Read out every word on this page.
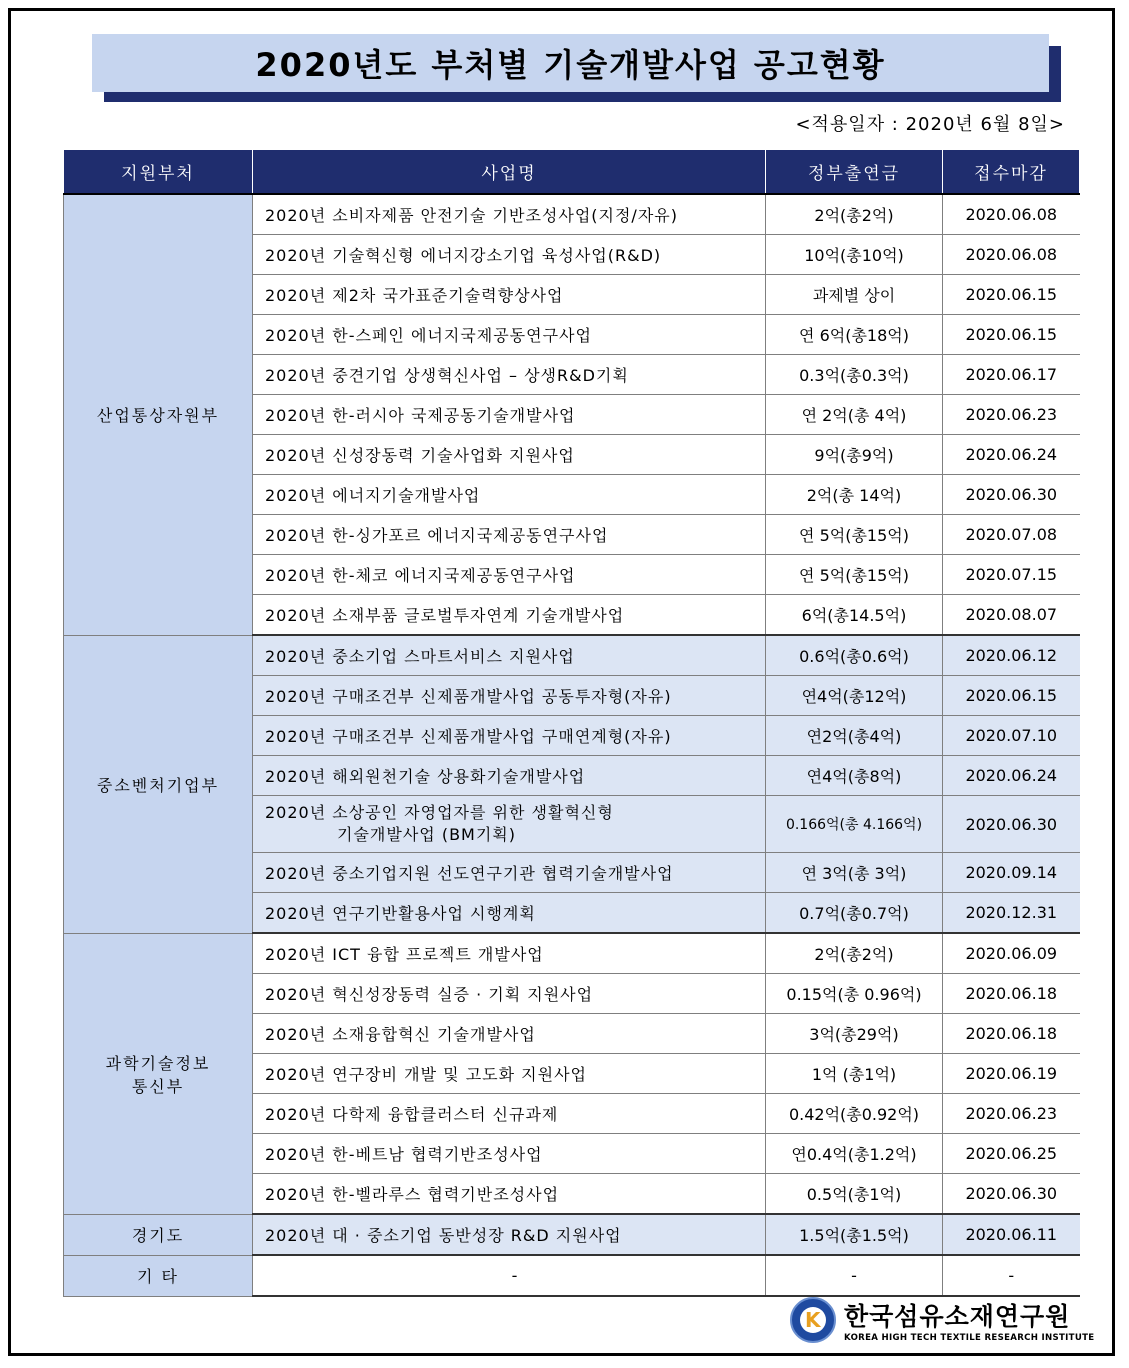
2020년도 부처별 기술개발사업 공고현황
<적용일자 : 2020년 6월 8일>
지원부처	사업명	정부출연금	접수마감

산업통상자원부	2020년 소비자제품 안전기술 기반조성사업(지정/자유)	2억(총2억)	2020.06.08
	2020년 기술혁신형 에너지강소기업 육성사업(R&D)	10억(총10억)	2020.06.08
	2020년 제2차 국가표준기술력향상사업	과제별 상이	2020.06.15
	2020년 한-스페인 에너지국제공동연구사업	연 6억(총18억)	2020.06.15
	2020년 중견기업 상생혁신사업 – 상생R&D기획	0.3억(총0.3억)	2020.06.17
	2020년 한-러시아 국제공동기술개발사업	연 2억(총 4억)	2020.06.23
	2020년 신성장동력 기술사업화 지원사업	9억(총9억)	2020.06.24
	2020년 에너지기술개발사업	2억(총 14억)	2020.06.30
	2020년 한-싱가포르 에너지국제공동연구사업	연 5억(총15억)	2020.07.08
	2020년 한-체코 에너지국제공동연구사업	연 5억(총15억)	2020.07.15
	2020년 소재부품 글로벌투자연계 기술개발사업	6억(총14.5억)	2020.08.07

중소벤처기업부	2020년 중소기업 스마트서비스 지원사업	0.6억(총0.6억)	2020.06.12
	2020년 구매조건부 신제품개발사업 공동투자형(자유)	연4억(총12억)	2020.06.15
	2020년 구매조건부 신제품개발사업 구매연계형(자유)	연2억(총4억)	2020.07.10
	2020년 해외원천기술 상용화기술개발사업	연4억(총8억)	2020.06.24

	2020년 소상공인 자영업자를 위한 생활혁신형
기술개발사업 (BM기획)	0.166억(총 4.166억)	2020.06.30
	2020년 중소기업지원 선도연구기관 협력기술개발사업	연 3억(총 3억)	2020.09.14
	2020년 연구기반활용사업 시행계획	0.7억(총0.7억)	2020.12.31

과학기술정보
통신부	2020년 ICT 융합 프로젝트 개발사업	2억(총2억)	2020.06.09
	2020년 혁신성장동력 실증 · 기획 지원사업	0.15억(총 0.96억)	2020.06.18
	2020년 소재융합혁신 기술개발사업	3억(총29억)	2020.06.18
	2020년 연구장비 개발 및 고도화 지원사업	1억 (총1억)	2020.06.19
	2020년 다학제 융합클러스터 신규과제	0.42억(총0.92억)	2020.06.23
	2020년 한-베트남 협력기반조성사업	연0.4억(총1.2억)	2020.06.25
	2020년 한-벨라루스 협력기반조성사업	0.5억(총1억)	2020.06.30

경기도	2020년 대 · 중소기업 동반성장 R&D 지원사업	1.5억(총1.5억)	2020.06.11

기 타	-	-	-
K 한국섬유소재연구원
KOREA HIGH TECH TEXTILE RESEARCH INSTITUTE
